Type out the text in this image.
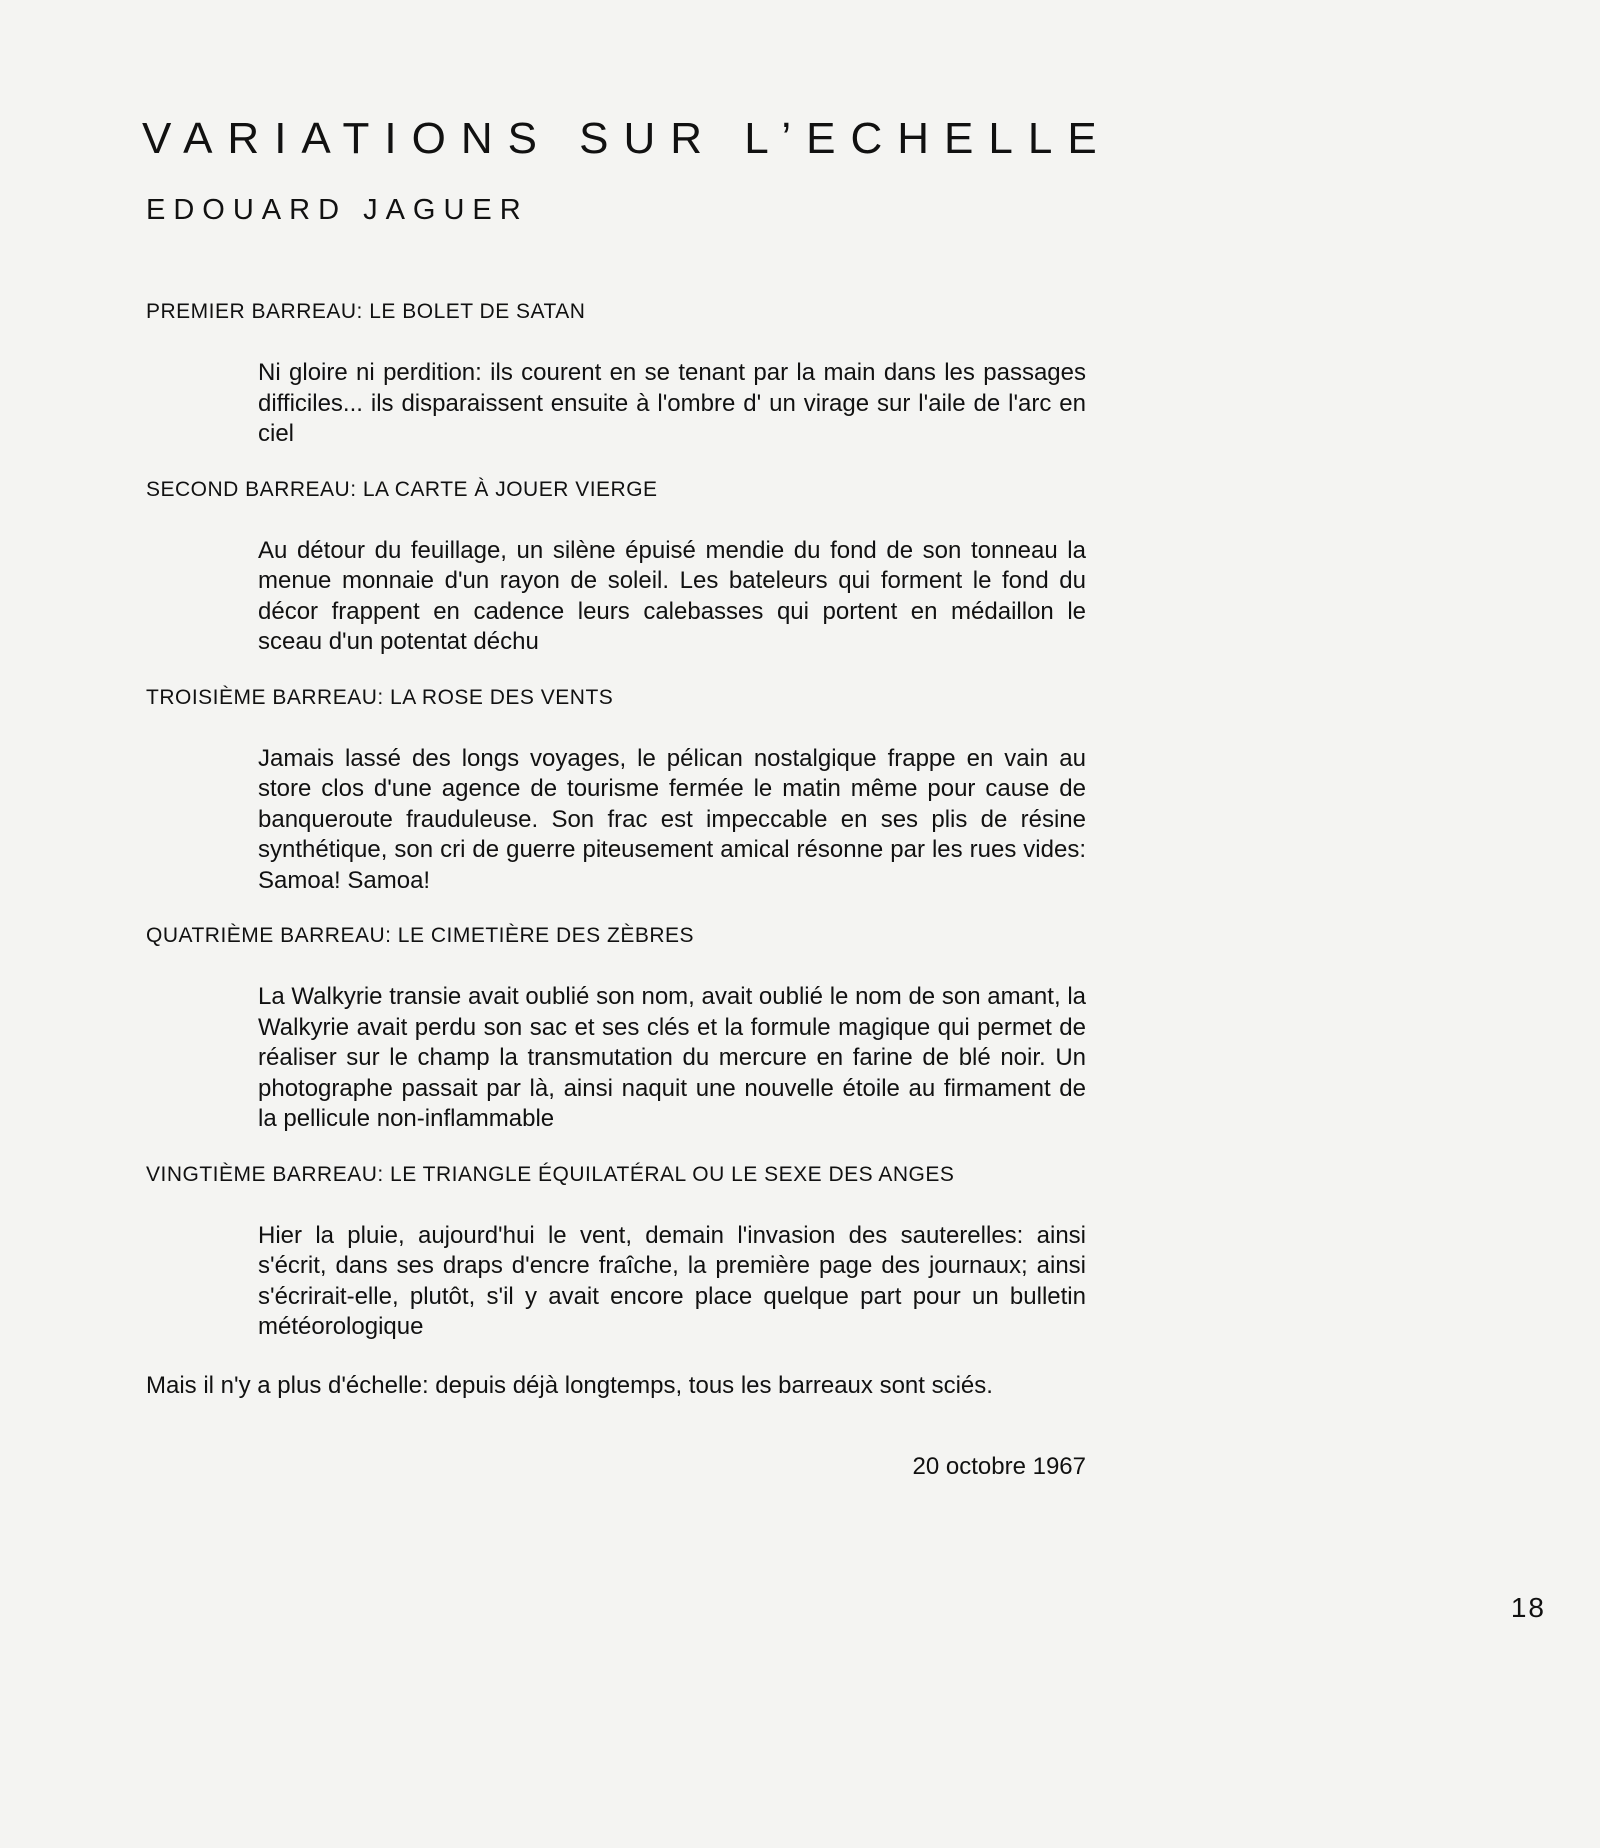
VARIATIONS SUR L’ECHELLE
EDOUARD JAGUER

PREMIER BARREAU: LE BOLET DE SATAN

Ni gloire ni perdition: ils courent en se tenant par la main dans les passages difficiles... ils disparaissent ensuite à l'ombre d' un virage sur l'aile de l'arc en ciel

SECOND BARREAU: LA CARTE À JOUER VIERGE

Au détour du feuillage, un silène épuisé mendie du fond de son tonneau la menue monnaie d'un rayon de soleil. Les bateleurs qui forment le fond du décor frappent en cadence leurs calebasses qui portent en médaillon le sceau d'un potentat déchu

TROISIÈME BARREAU: LA ROSE DES VENTS

Jamais lassé des longs voyages, le pélican nostalgique frappe en vain au store clos d'une agence de tourisme fermée le matin même pour cause de banqueroute frauduleuse. Son frac est impeccable en ses plis de résine synthétique, son cri de guerre piteusement amical résonne par les rues vides: Samoa! Samoa!

QUATRIÈME BARREAU: LE CIMETIÈRE DES ZÈBRES

La Walkyrie transie avait oublié son nom, avait oublié le nom de son amant, la Walkyrie avait perdu son sac et ses clés et la formule magique qui permet de réaliser sur le champ la transmutation du mercure en farine de blé noir. Un photographe passait par là, ainsi naquit une nouvelle étoile au firmament de la pellicule non-inflammable

VINGTIÈME BARREAU: LE TRIANGLE ÉQUILATÉRAL OU LE SEXE DES ANGES

Hier la pluie, aujourd'hui le vent, demain l'invasion des sauterelles: ainsi s'écrit, dans ses draps d'encre fraîche, la première page des journaux; ainsi s'écrirait-elle, plutôt, s'il y avait encore place quelque part pour un bulletin météorologique

Mais il n'y a plus d'échelle: depuis déjà longtemps, tous les barreaux sont sciés.

20 octobre 1967

18
